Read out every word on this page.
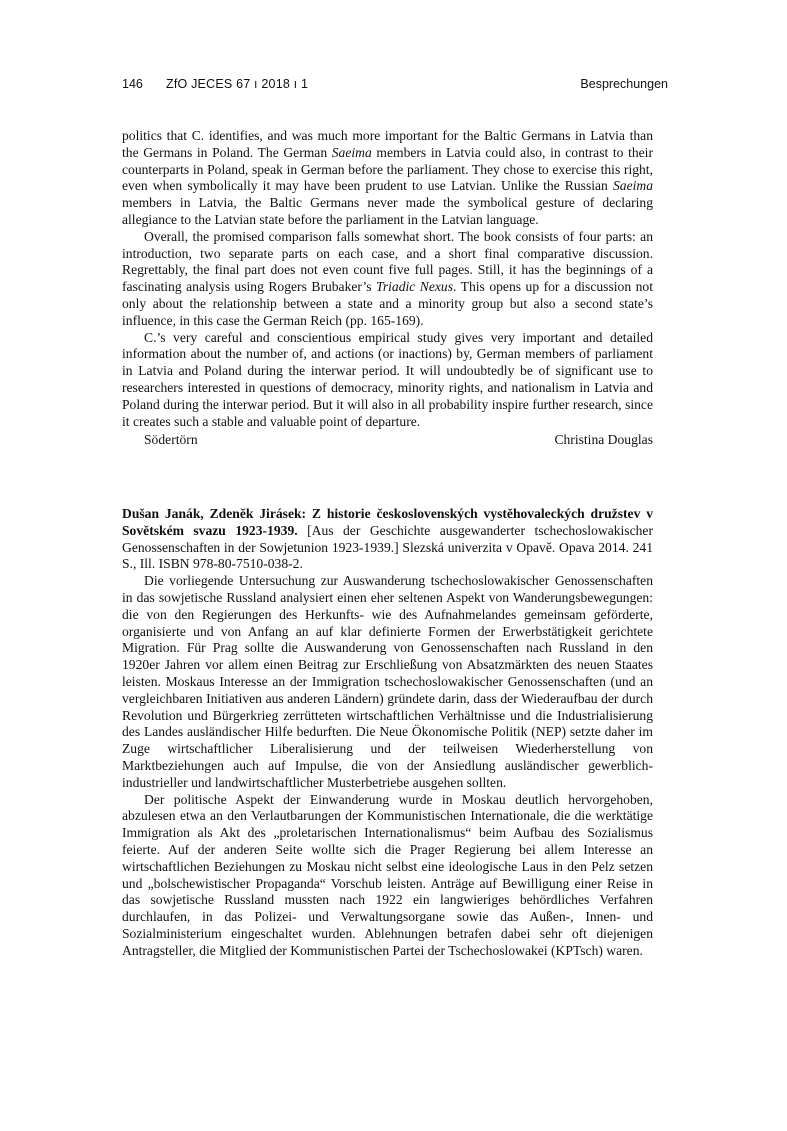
146 ZfO JECES 67 ı 2018 ı 1	Besprechungen

politics that C. identifies, and was much more important for the Baltic Germans in Latvia than the Germans in Poland. The German Saeima members in Latvia could also, in contrast to their counterparts in Poland, speak in German before the parliament. They chose to exercise this right, even when symbolically it may have been prudent to use Latvian. Unlike the Russian Saeima members in Latvia, the Baltic Germans never made the symbolical gesture of declaring allegiance to the Latvian state before the parliament in the Latvian language.

Overall, the promised comparison falls somewhat short. The book consists of four parts: an introduction, two separate parts on each case, and a short final comparative discussion. Regrettably, the final part does not even count five full pages. Still, it has the beginnings of a fascinating analysis using Rogers Brubaker’s Triadic Nexus. This opens up for a discussion not only about the relationship between a state and a minority group but also a second state’s influence, in this case the German Reich (pp. 165-169).

C.’s very careful and conscientious empirical study gives very important and detailed information about the number of, and actions (or inactions) by, German members of parliament in Latvia and Poland during the interwar period. It will undoubtedly be of significant use to researchers interested in questions of democracy, minority rights, and nationalism in Latvia and Poland during the interwar period. But it will also in all probability inspire further research, since it creates such a stable and valuable point of departure.

Södertörn	Christina Douglas

Dušan Janák, Zdeněk Jirásek: Z historie československých vystěhovaleckých družstev v Sovětském svazu 1923-1939. [Aus der Geschichte ausgewanderter tschechoslowakischer Genossenschaften in der Sowjetunion 1923-1939.] Slezská univerzita v Opavě. Opava 2014. 241 S., Ill. ISBN 978-80-7510-038-2.

Die vorliegende Untersuchung zur Auswanderung tschechoslowakischer Genossenschaften in das sowjetische Russland analysiert einen eher seltenen Aspekt von Wanderungsbewegungen: die von den Regierungen des Herkunfts- wie des Aufnahmelandes gemeinsam geförderte, organisierte und von Anfang an auf klar definierte Formen der Erwerbstätigkeit gerichtete Migration. Für Prag sollte die Auswanderung von Genossenschaften nach Russland in den 1920er Jahren vor allem einen Beitrag zur Erschließung von Absatzmärkten des neuen Staates leisten. Moskaus Interesse an der Immigration tschechoslowakischer Genossenschaften (und an vergleichbaren Initiativen aus anderen Ländern) gründete darin, dass der Wiederaufbau der durch Revolution und Bürgerkrieg zerrütteten wirtschaftlichen Verhältnisse und die Industrialisierung des Landes ausländischer Hilfe bedurften. Die Neue Ökonomische Politik (NEP) setzte daher im Zuge wirtschaftlicher Liberalisierung und der teilweisen Wiederherstellung von Marktbeziehungen auch auf Impulse, die von der Ansiedlung ausländischer gewerblich-industrieller und landwirtschaftlicher Musterbetriebe ausgehen sollten.

Der politische Aspekt der Einwanderung wurde in Moskau deutlich hervorgehoben, abzulesen etwa an den Verlautbarungen der Kommunistischen Internationale, die die werktätige Immigration als Akt des „proletarischen Internationalismus“ beim Aufbau des Sozialismus feierte. Auf der anderen Seite wollte sich die Prager Regierung bei allem Interesse an wirtschaftlichen Beziehungen zu Moskau nicht selbst eine ideologische Laus in den Pelz setzen und „bolschewistischer Propaganda“ Vorschub leisten. Anträge auf Bewilligung einer Reise in das sowjetische Russland mussten nach 1922 ein langwieriges behördliches Verfahren durchlaufen, in das Polizei- und Verwaltungsorgane sowie das Außen-, Innen- und Sozialministerium eingeschaltet wurden. Ablehnungen betrafen dabei sehr oft diejenigen Antragsteller, die Mitglied der Kommunistischen Partei der Tschechoslowakei (KPTsch) waren.
